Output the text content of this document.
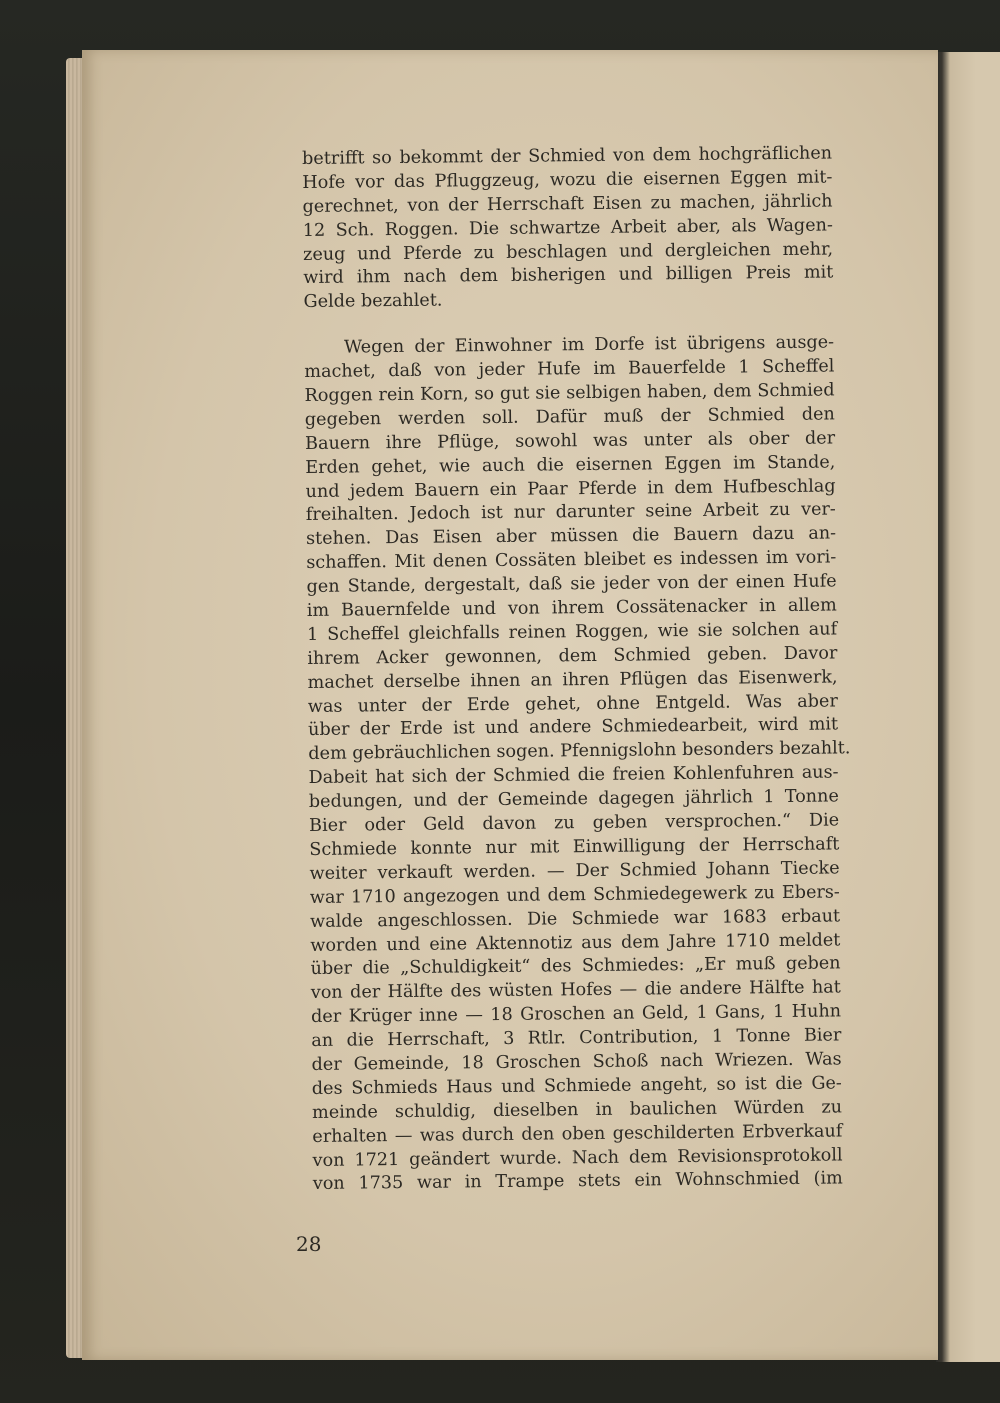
betrifft so bekommt der Schmied von dem hochgräflichen
Hofe vor das Pfluggzeug, wozu die eisernen Eggen mit-
gerechnet, von der Herrschaft Eisen zu machen, jährlich
12 Sch. Roggen. Die schwartze Arbeit aber, als Wagen-
zeug und Pferde zu beschlagen und dergleichen mehr,
wird ihm nach dem bisherigen und billigen Preis mit
Gelde bezahlet.
Wegen der Einwohner im Dorfe ist übrigens ausge-
machet, daß von jeder Hufe im Bauerfelde 1 Scheffel
Roggen rein Korn, so gut sie selbigen haben, dem Schmied
gegeben werden soll. Dafür muß der Schmied den
Bauern ihre Pflüge, sowohl was unter als ober der
Erden gehet, wie auch die eisernen Eggen im Stande,
und jedem Bauern ein Paar Pferde in dem Hufbeschlag
freihalten. Jedoch ist nur darunter seine Arbeit zu ver-
stehen. Das Eisen aber müssen die Bauern dazu an-
schaffen. Mit denen Cossäten bleibet es indessen im vori-
gen Stande, dergestalt, daß sie jeder von der einen Hufe
im Bauernfelde und von ihrem Cossätenacker in allem
1 Scheffel gleichfalls reinen Roggen, wie sie solchen auf
ihrem Acker gewonnen, dem Schmied geben. Davor
machet derselbe ihnen an ihren Pflügen das Eisenwerk,
was unter der Erde gehet, ohne Entgeld. Was aber
über der Erde ist und andere Schmiedearbeit, wird mit
dem gebräuchlichen sogen. Pfennigslohn besonders bezahlt.
Dabeit hat sich der Schmied die freien Kohlenfuhren aus-
bedungen, und der Gemeinde dagegen jährlich 1 Tonne
Bier oder Geld davon zu geben versprochen.“ Die
Schmiede konnte nur mit Einwilligung der Herrschaft
weiter verkauft werden. — Der Schmied Johann Tiecke
war 1710 angezogen und dem Schmiedegewerk zu Ebers-
walde angeschlossen. Die Schmiede war 1683 erbaut
worden und eine Aktennotiz aus dem Jahre 1710 meldet
über die „Schuldigkeit“ des Schmiedes: „Er muß geben
von der Hälfte des wüsten Hofes — die andere Hälfte hat
der Krüger inne — 18 Groschen an Geld, 1 Gans, 1 Huhn
an die Herrschaft, 3 Rtlr. Contribution, 1 Tonne Bier
der Gemeinde, 18 Groschen Schoß nach Wriezen. Was
des Schmieds Haus und Schmiede angeht, so ist die Ge-
meinde schuldig, dieselben in baulichen Würden zu
erhalten — was durch den oben geschilderten Erbverkauf
von 1721 geändert wurde. Nach dem Revisionsprotokoll
von 1735 war in Trampe stets ein Wohnschmied (im
28
